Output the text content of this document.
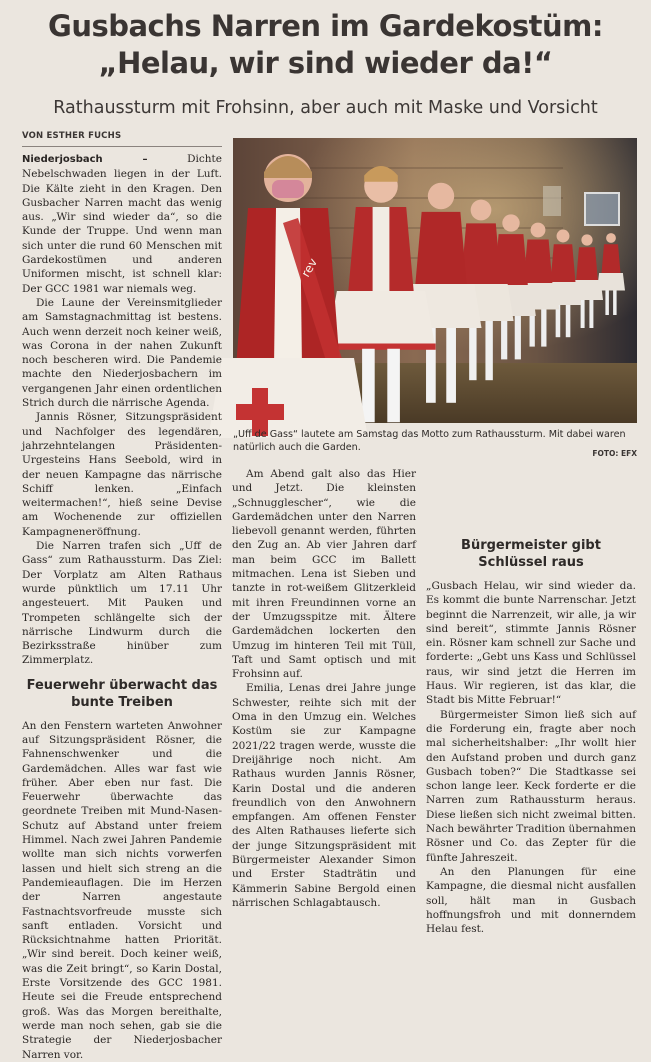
Gusbachs Narren im Gardekostüm:
„Helau, wir sind wieder da!“
Rathaussturm mit Frohsinn, aber auch mit Maske und Vorsicht
VON ESTHER FUCHS
rev
„Uff de Gass“ lautete am Samstag das Motto zum Rathaussturm. Mit dabei waren natürlich auch die Garden.
FOTO: EFX

Niederjosbach –	Dichte Nebelschwaden liegen in der Luft. Die Kälte zieht in den Kragen. Den Gusbacher Narren macht das wenig aus. „Wir sind wieder da“, so die Kunde der Truppe. Und wenn man sich unter die rund 60 Menschen mit Gardekostümen und anderen Uniformen mischt, ist schnell klar: Der GCC 1981 war niemals weg.

Die Laune der Vereinsmitglieder am Samstagnachmittag ist bestens. Auch wenn derzeit noch keiner weiß, was Corona in der nahen Zukunft noch bescheren wird. Die Pandemie machte den Niederjosbachern im vergangenen Jahr einen ordentlichen Strich durch die närrische Agenda.

Jannis Rösner, Sitzungspräsident und Nachfolger des legendären, jahrzehntelangen Präsidenten-Urgesteins Hans Seebold, wird in der neuen Kampagne das närrische Schiff lenken. „Einfach weitermachen!“, hieß seine Devise am Wochenende zur offiziellen Kampagneneröffnung.

Die Narren trafen sich „Uff de Gass“ zum Rathaussturm. Das Ziel: Der Vorplatz am Alten Rathaus wurde pünktlich um 17.11 Uhr angesteuert. Mit Pauken und Trompeten schlängelte sich der närrische Lindwurm durch die Bezirksstraße hinüber zum Zimmerplatz.

Feuerwehr überwacht das bunte Treiben

An den Fenstern warteten Anwohner auf Sitzungspräsident Rösner, die Fahnenschwenker und die Gardemädchen. Alles war fast wie früher. Aber eben nur fast. Die Feuerwehr überwachte das geordnete Treiben mit Mund-Nasen-Schutz auf Abstand unter freiem Himmel. Nach zwei Jahren Pandemie wollte man sich nichts vorwerfen lassen und hielt sich streng an die Pandemieauflagen. Die im Herzen der Narren angestaute Fastnachtsvorfreude musste sich sanft entladen. Vorsicht und Rücksichtnahme hatten Priorität. „Wir sind bereit. Doch keiner weiß, was die Zeit bringt“, so Karin Dostal, Erste Vorsitzende des GCC 1981. Heute sei die Freude entsprechend groß. Was das Morgen bereithalte, werde man noch sehen, gab sie die Strategie der Niederjosbacher Narren vor.

Am Abend galt also das Hier und Jetzt. Die kleinsten „Schnugglescher“, wie die Gardemädchen unter den Narren liebevoll genannt werden, führten den Zug an. Ab vier Jahren darf man beim GCC im Ballett mitmachen. Lena ist Sieben und tanzte in rot-weißem Glitzerkleid mit ihren Freundinnen vorne an der Umzugsspitze mit. Ältere Gardemädchen lockerten den Umzug im hinteren Teil mit Tüll, Taft und Samt optisch und mit Frohsinn auf.

Emilia, Lenas drei Jahre junge Schwester, reihte sich mit der Oma in den Umzug ein. Welches Kostüm sie zur Kampagne 2021/22 tragen werde, wusste die Dreijährige noch nicht. Am Rathaus wurden Jannis Rösner, Karin Dostal und die anderen freundlich von den Anwohnern empfangen. Am offenen Fenster des Alten Rathauses lieferte sich der junge Sitzungspräsident mit Bürgermeister Alexander Simon und Erster Stadträtin und Kämmerin Sabine Bergold einen närrischen Schlagabtausch.

Bürgermeister gibt Schlüssel raus

„Gusbach Helau, wir sind wieder da. Es kommt die bunte Narrenschar. Jetzt beginnt die Narrenzeit, wir alle, ja wir sind bereit“, stimmte Jannis Rösner ein. Rösner kam schnell zur Sache und forderte: „Gebt uns Kass und Schlüssel raus, wir sind jetzt die Herren im Haus. Wir regieren, ist das klar, die Stadt bis Mitte Februar!“

Bürgermeister Simon ließ sich auf die Forderung ein, fragte aber noch mal sicherheitshalber: „Ihr wollt hier den Aufstand proben und durch ganz Gusbach toben?“ Die Stadtkasse sei schon lange leer. Keck forderte er die Narren zum Rathaussturm heraus. Diese ließen sich nicht zweimal bitten. Nach bewährter Tradition übernahmen Rösner und Co. das Zepter für die fünfte Jahreszeit.

An den Planungen für eine Kampagne, die diesmal nicht ausfallen soll, hält man in Gusbach hoffnungsfroh und mit donnerndem Helau fest.
